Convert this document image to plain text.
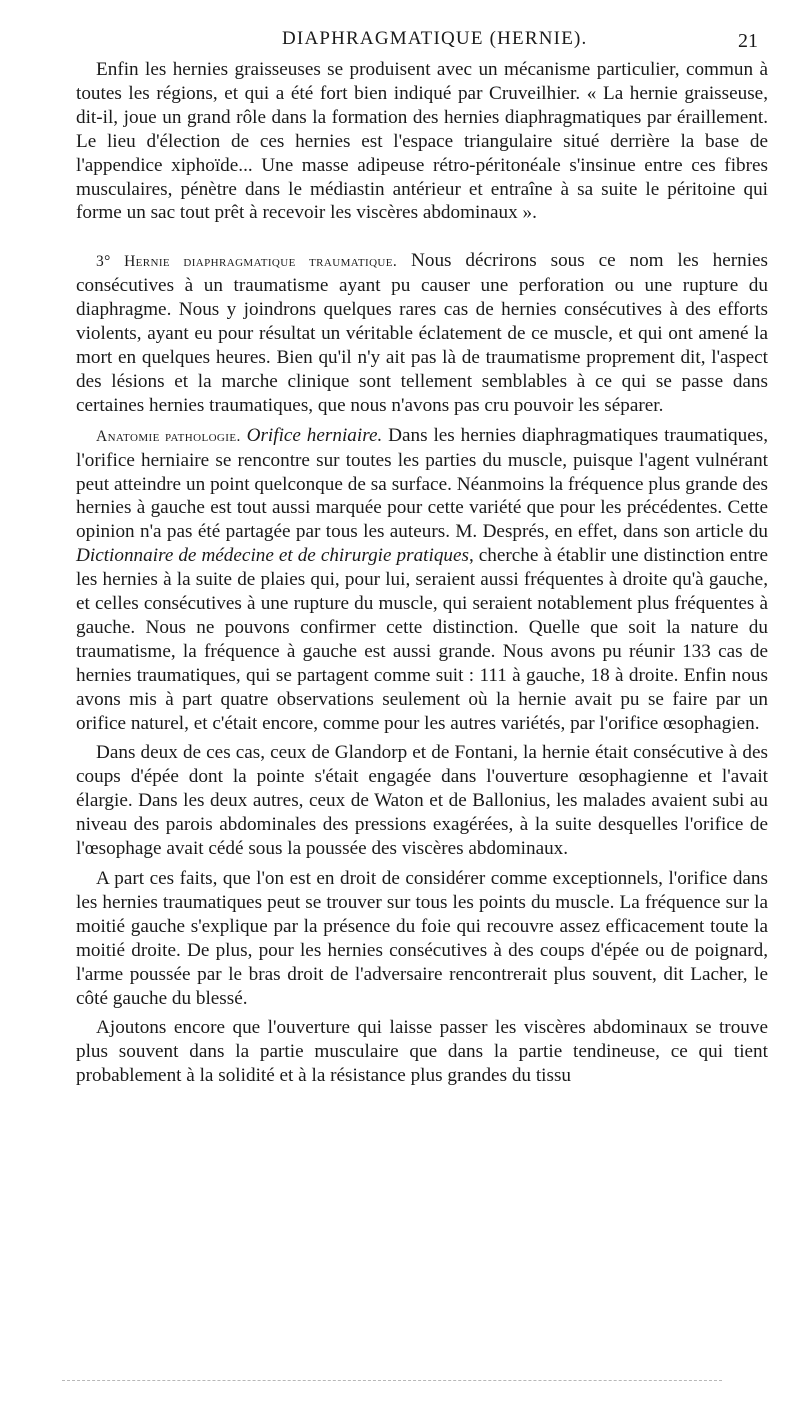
DIAPHRAGMATIQUE (HERNIE).	21

Enfin les hernies graisseuses se produisent avec un mécanisme particulier, commun à toutes les régions, et qui a été fort bien indiqué par Cruveilhier. « La hernie graisseuse, dit-il, joue un grand rôle dans la formation des hernies diaphragmatiques par éraillement. Le lieu d'élection de ces hernies est l'espace triangulaire situé derrière la base de l'appendice xiphoïde... Une masse adipeuse rétro-péritonéale s'insinue entre ces fibres musculaires, pénètre dans le médiastin antérieur et entraîne à sa suite le péritoine qui forme un sac tout prêt à recevoir les viscères abdominaux ».

3° Hernie diaphragmatique traumatique. Nous décrirons sous ce nom les hernies consécutives à un traumatisme ayant pu causer une perforation ou une rupture du diaphragme. Nous y joindrons quelques rares cas de hernies consécutives à des efforts violents, ayant eu pour résultat un véritable éclatement de ce muscle, et qui ont amené la mort en quelques heures. Bien qu'il n'y ait pas là de traumatisme proprement dit, l'aspect des lésions et la marche clinique sont tellement semblables à ce qui se passe dans certaines hernies traumatiques, que nous n'avons pas cru pouvoir les séparer.

Anatomie pathologie. Orifice herniaire. Dans les hernies diaphragmatiques traumatiques, l'orifice herniaire se rencontre sur toutes les parties du muscle, puisque l'agent vulnérant peut atteindre un point quelconque de sa surface. Néanmoins la fréquence plus grande des hernies à gauche est tout aussi marquée pour cette variété que pour les précédentes. Cette opinion n'a pas été partagée par tous les auteurs. M. Després, en effet, dans son article du Dictionnaire de médecine et de chirurgie pratiques, cherche à établir une distinction entre les hernies à la suite de plaies qui, pour lui, seraient aussi fréquentes à droite qu'à gauche, et celles consécutives à une rupture du muscle, qui seraient notablement plus fréquentes à gauche. Nous ne pouvons confirmer cette distinction. Quelle que soit la nature du traumatisme, la fréquence à gauche est aussi grande. Nous avons pu réunir 133 cas de hernies traumatiques, qui se partagent comme suit : 111 à gauche, 18 à droite. Enfin nous avons mis à part quatre observations seulement où la hernie avait pu se faire par un orifice naturel, et c'était encore, comme pour les autres variétés, par l'orifice œsophagien.

Dans deux de ces cas, ceux de Glandorp et de Fontani, la hernie était consécutive à des coups d'épée dont la pointe s'était engagée dans l'ouverture œsophagienne et l'avait élargie. Dans les deux autres, ceux de Waton et de Ballonius, les malades avaient subi au niveau des parois abdominales des pressions exagérées, à la suite desquelles l'orifice de l'œsophage avait cédé sous la poussée des viscères abdominaux.

A part ces faits, que l'on est en droit de considérer comme exceptionnels, l'orifice dans les hernies traumatiques peut se trouver sur tous les points du muscle. La fréquence sur la moitié gauche s'explique par la présence du foie qui recouvre assez efficacement toute la moitié droite. De plus, pour les hernies consécutives à des coups d'épée ou de poignard, l'arme poussée par le bras droit de l'adversaire rencontrerait plus souvent, dit Lacher, le côté gauche du blessé.

Ajoutons encore que l'ouverture qui laisse passer les viscères abdominaux se trouve plus souvent dans la partie musculaire que dans la partie tendineuse, ce qui tient probablement à la solidité et à la résistance plus grandes du tissu
